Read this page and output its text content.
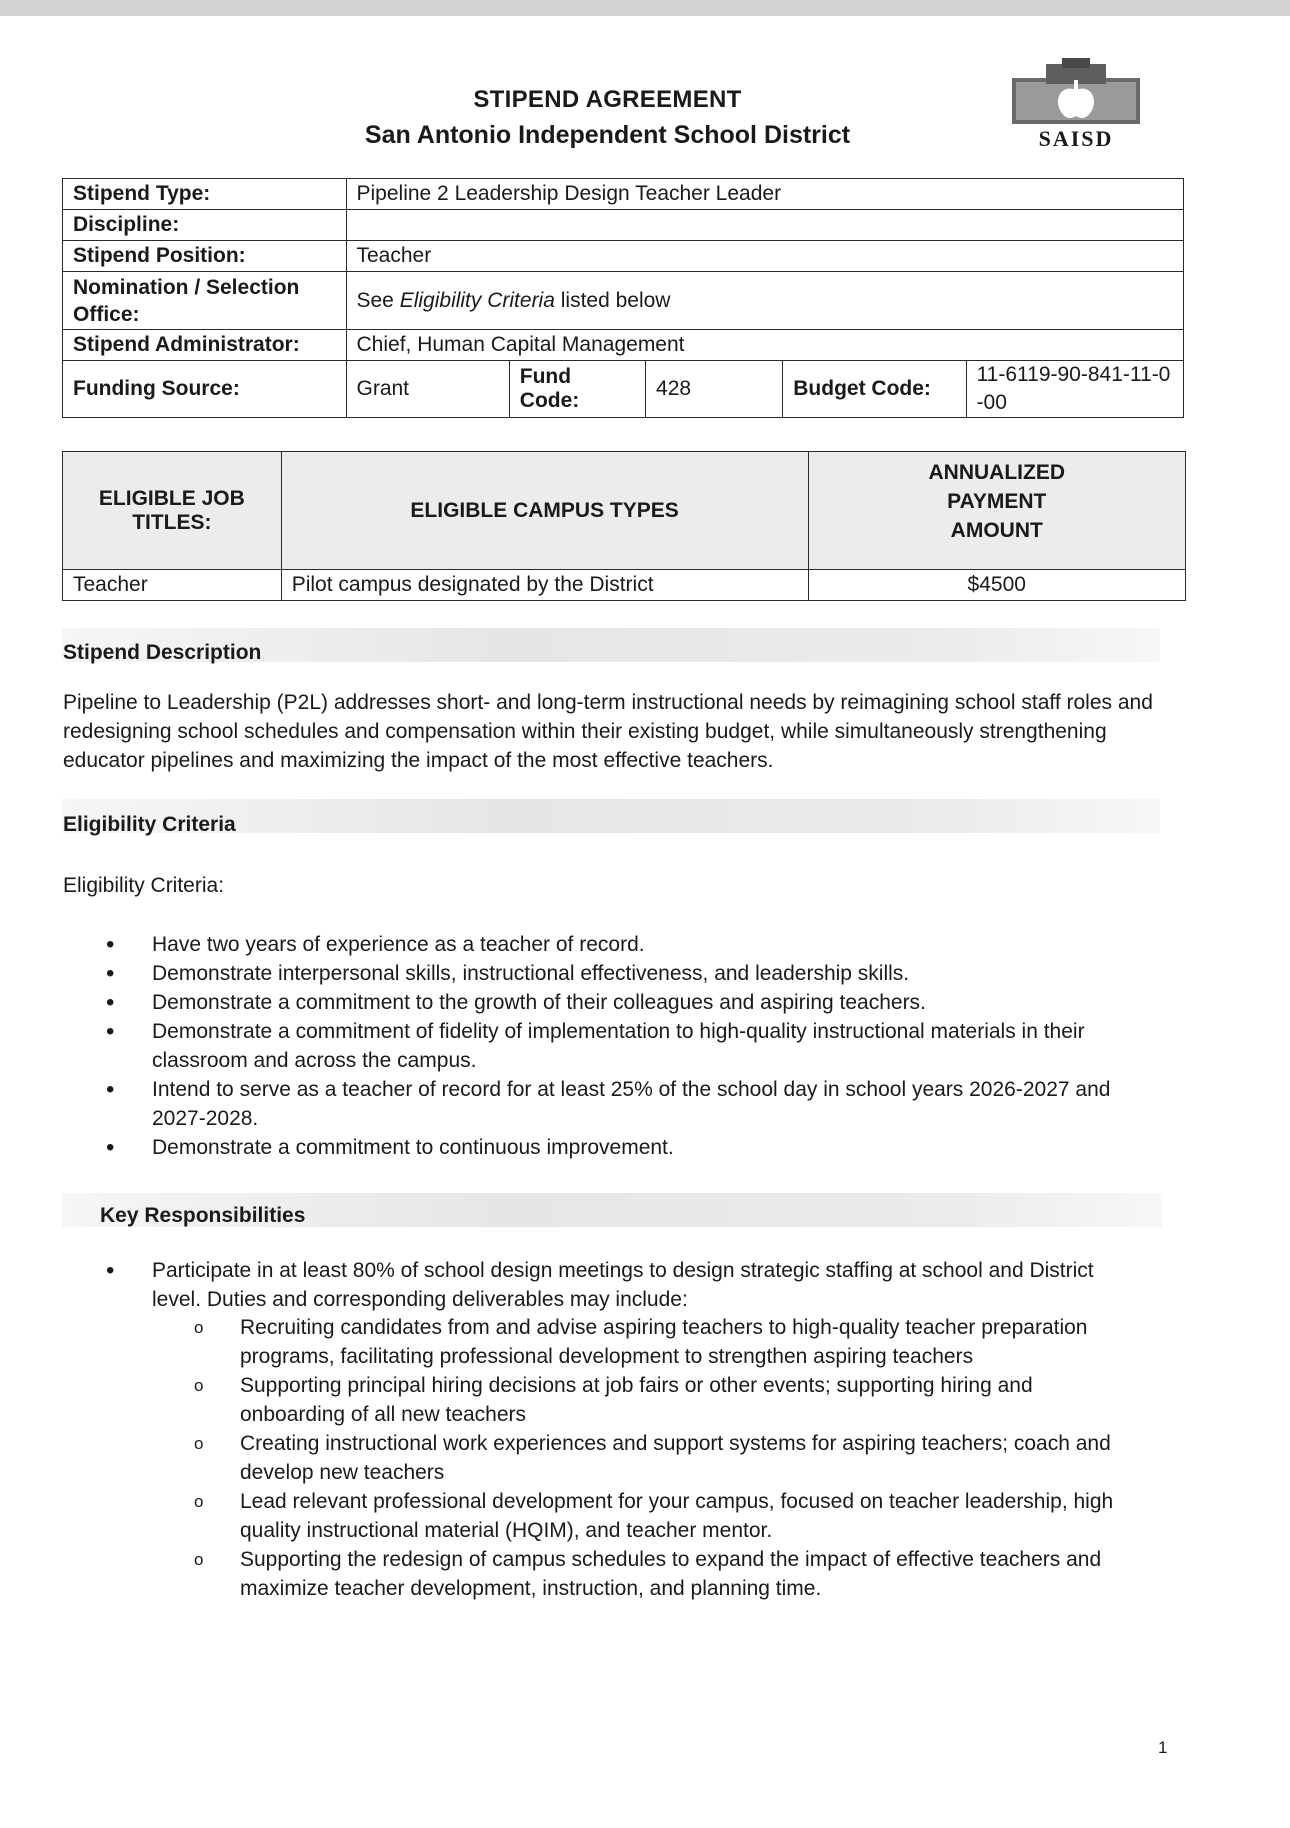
STIPEND AGREEMENT
San Antonio Independent School District	SAISD
Stipend Type:	Pipeline 2 Leadership Design Teacher Leader				
Discipline:					
Stipend Position:	Teacher				
Nomination / Selection Office:	See Eligibility Criteria listed below				
Stipend Administrator:	Chief, Human Capital Management				
Funding Source:	Grant	Fund Code:	428	Budget Code:	11-6119-90-841-11-0-00
ELIGIBLE JOB TITLES:	ELIGIBLE CAMPUS TYPES	ANNUALIZED PAYMENT AMOUNT
Teacher	Pilot campus designated by the District	$4500
Stipend Description
Pipeline to Leadership (P2L) addresses short- and long-term instructional needs by reimagining school staff roles and redesigning school schedules and compensation within their existing budget, while simultaneously strengthening educator pipelines and maximizing the impact of the most effective teachers.
Eligibility Criteria
Eligibility Criteria:
• Have two years of experience as a teacher of record.
• Demonstrate interpersonal skills, instructional effectiveness, and leadership skills.
• Demonstrate a commitment to the growth of their colleagues and aspiring teachers.
• Demonstrate a commitment of fidelity of implementation to high-quality instructional materials in their classroom and across the campus.
• Intend to serve as a teacher of record for at least 25% of the school day in school years 2026-2027 and 2027-2028.
• Demonstrate a commitment to continuous improvement.
Key Responsibilities
• Participate in at least 80% of school design meetings to design strategic staffing at school and District level. Duties and corresponding deliverables may include:
o Recruiting candidates from and advise aspiring teachers to high-quality teacher preparation programs, facilitating professional development to strengthen aspiring teachers
o Supporting principal hiring decisions at job fairs or other events; supporting hiring and onboarding of all new teachers
o Creating instructional work experiences and support systems for aspiring teachers; coach and develop new teachers
o Lead relevant professional development for your campus, focused on teacher leadership, high quality instructional material (HQIM), and teacher mentor.
o Supporting the redesign of campus schedules to expand the impact of effective teachers and maximize teacher development, instruction, and planning time.
1
